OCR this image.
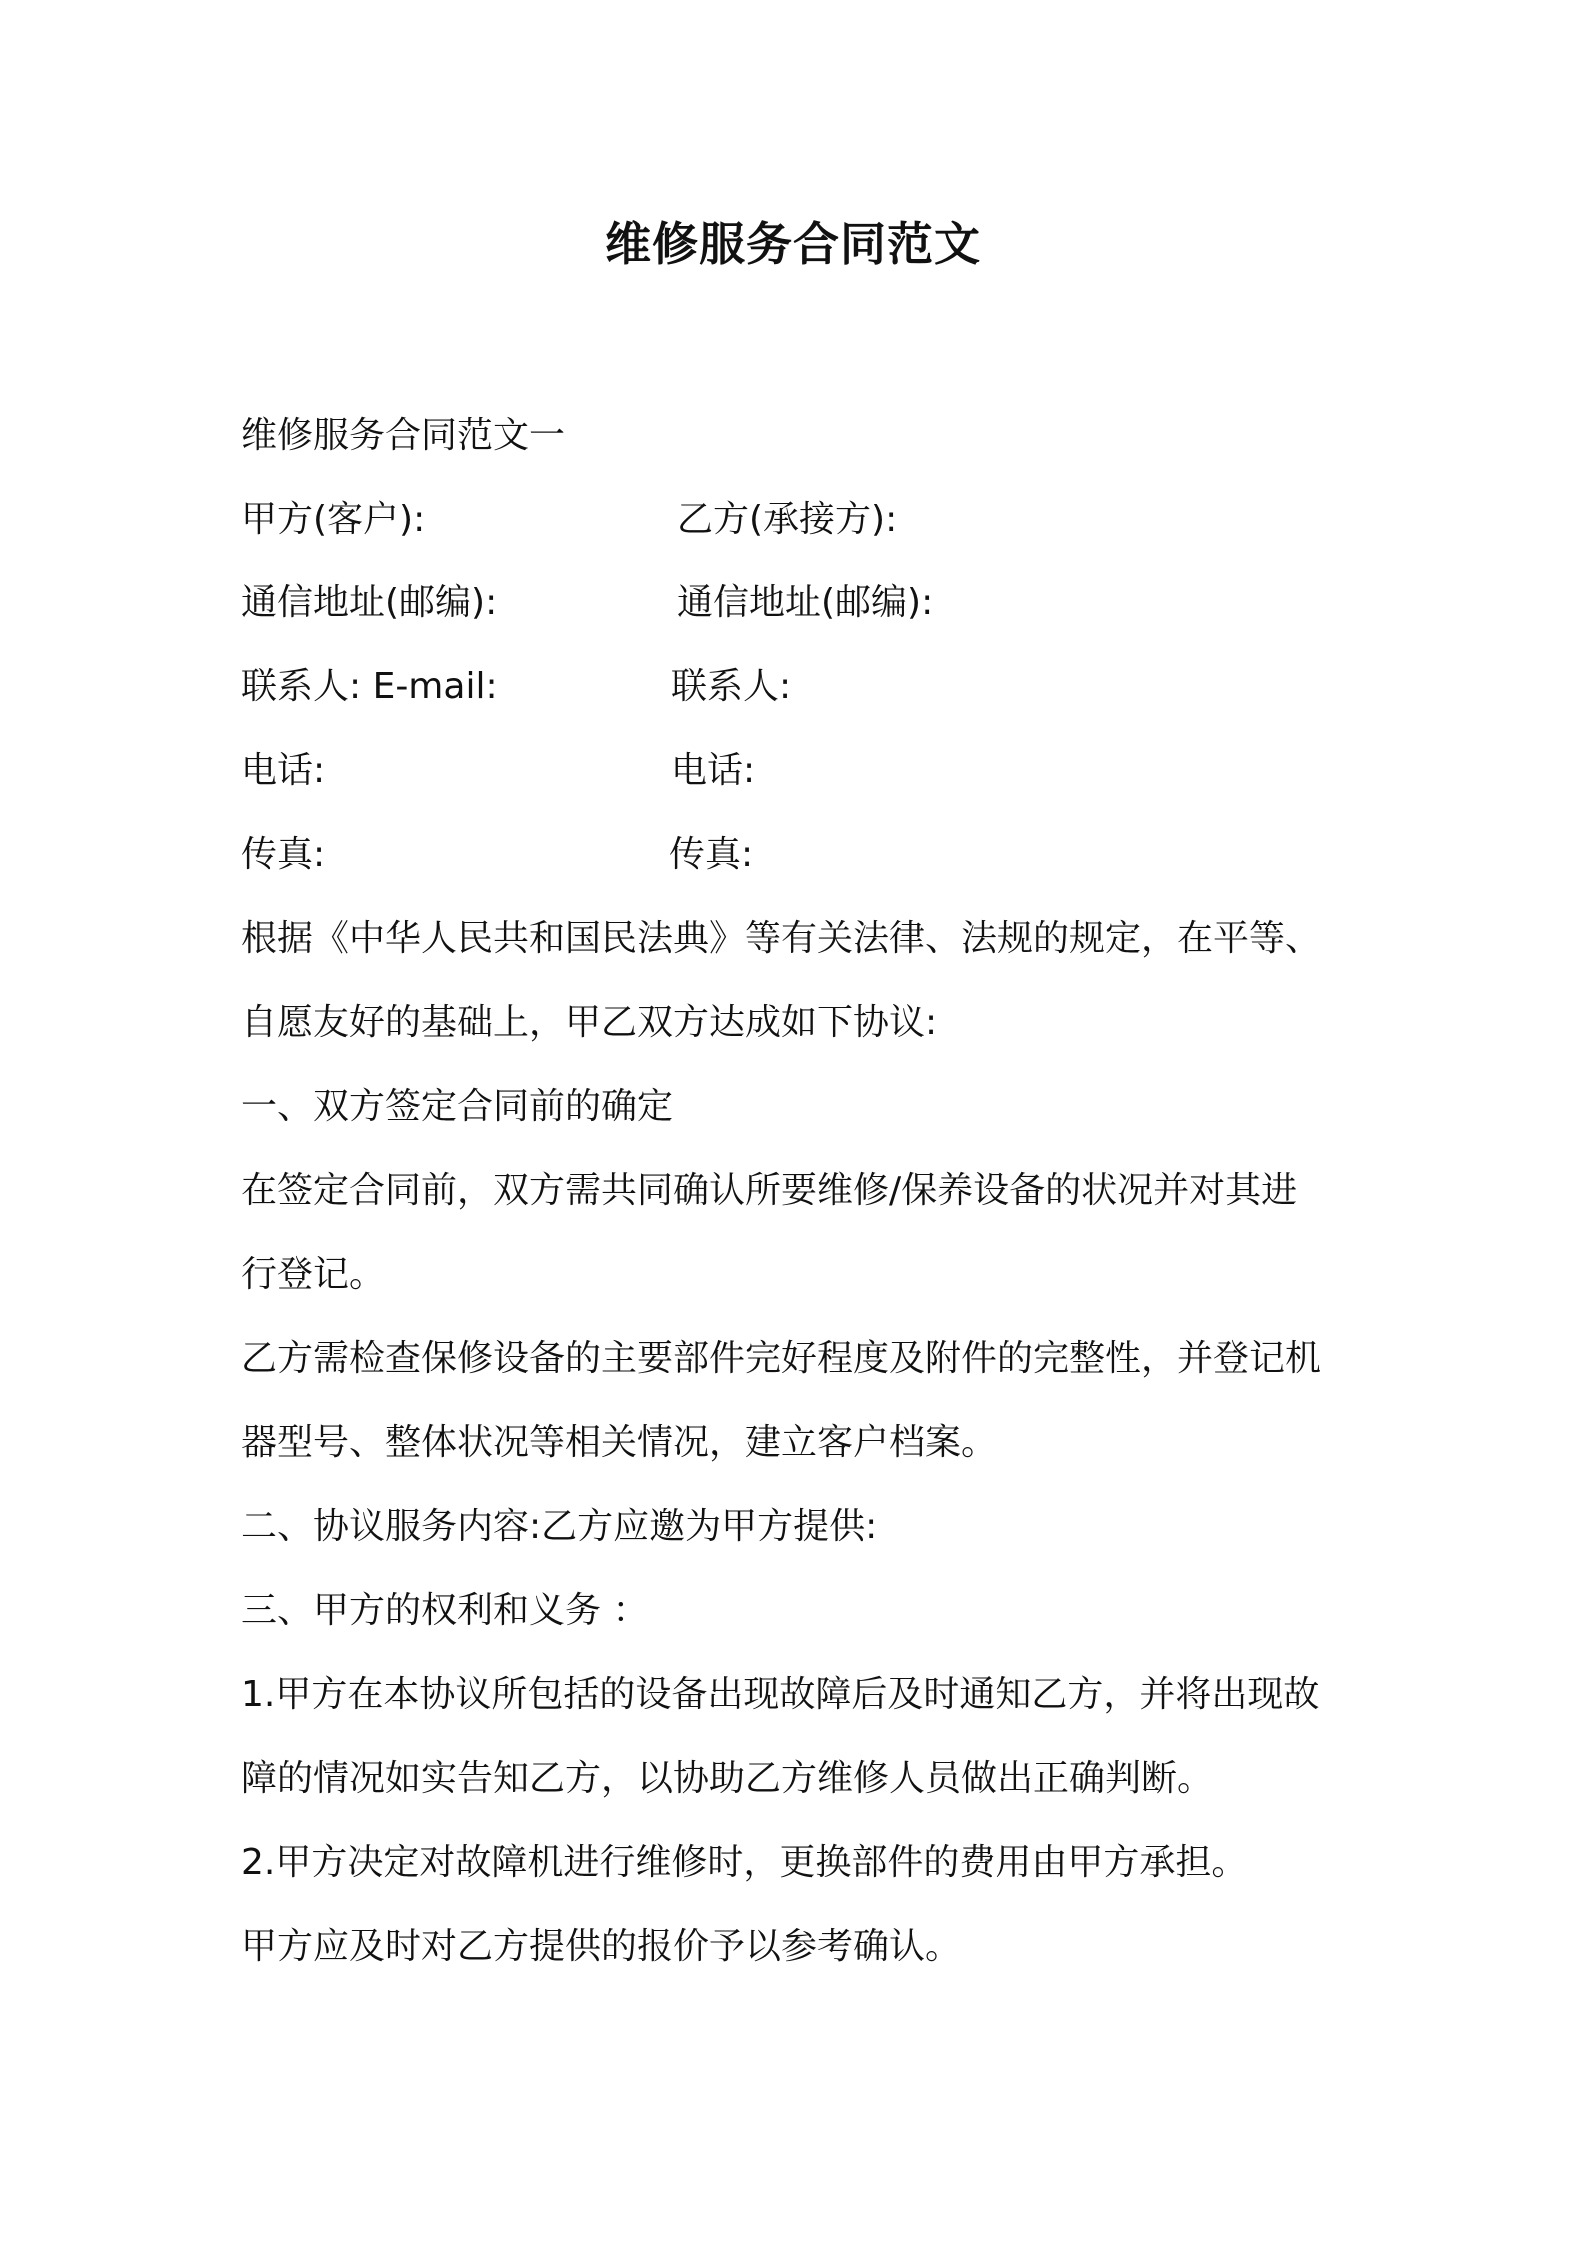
维修服务合同范文
维修服务合同范文一
甲方(客户):	乙方(承接方):
通信地址(邮编):	通信地址(邮编):
联系人: E-mail:	联系人:
电话:	电话:
传真:	传真:
根据《中华人民共和国民法典》等有关法律、法规的规定，在平等、
自愿友好的基础上，甲乙双方达成如下协议:
一、双方签定合同前的确定
在签定合同前，双方需共同确认所要维修/保养设备的状况并对其进
行登记。
乙方需检查保修设备的主要部件完好程度及附件的完整性，并登记机
器型号、整体状况等相关情况，建立客户档案。
二、协议服务内容:乙方应邀为甲方提供:
三、甲方的权利和义务 ：
1.甲方在本协议所包括的设备出现故障后及时通知乙方，并将出现故
障的情况如实告知乙方，以协助乙方维修人员做出正确判断。
2.甲方决定对故障机进行维修时，更换部件的费用由甲方承担。
甲方应及时对乙方提供的报价予以参考确认。
